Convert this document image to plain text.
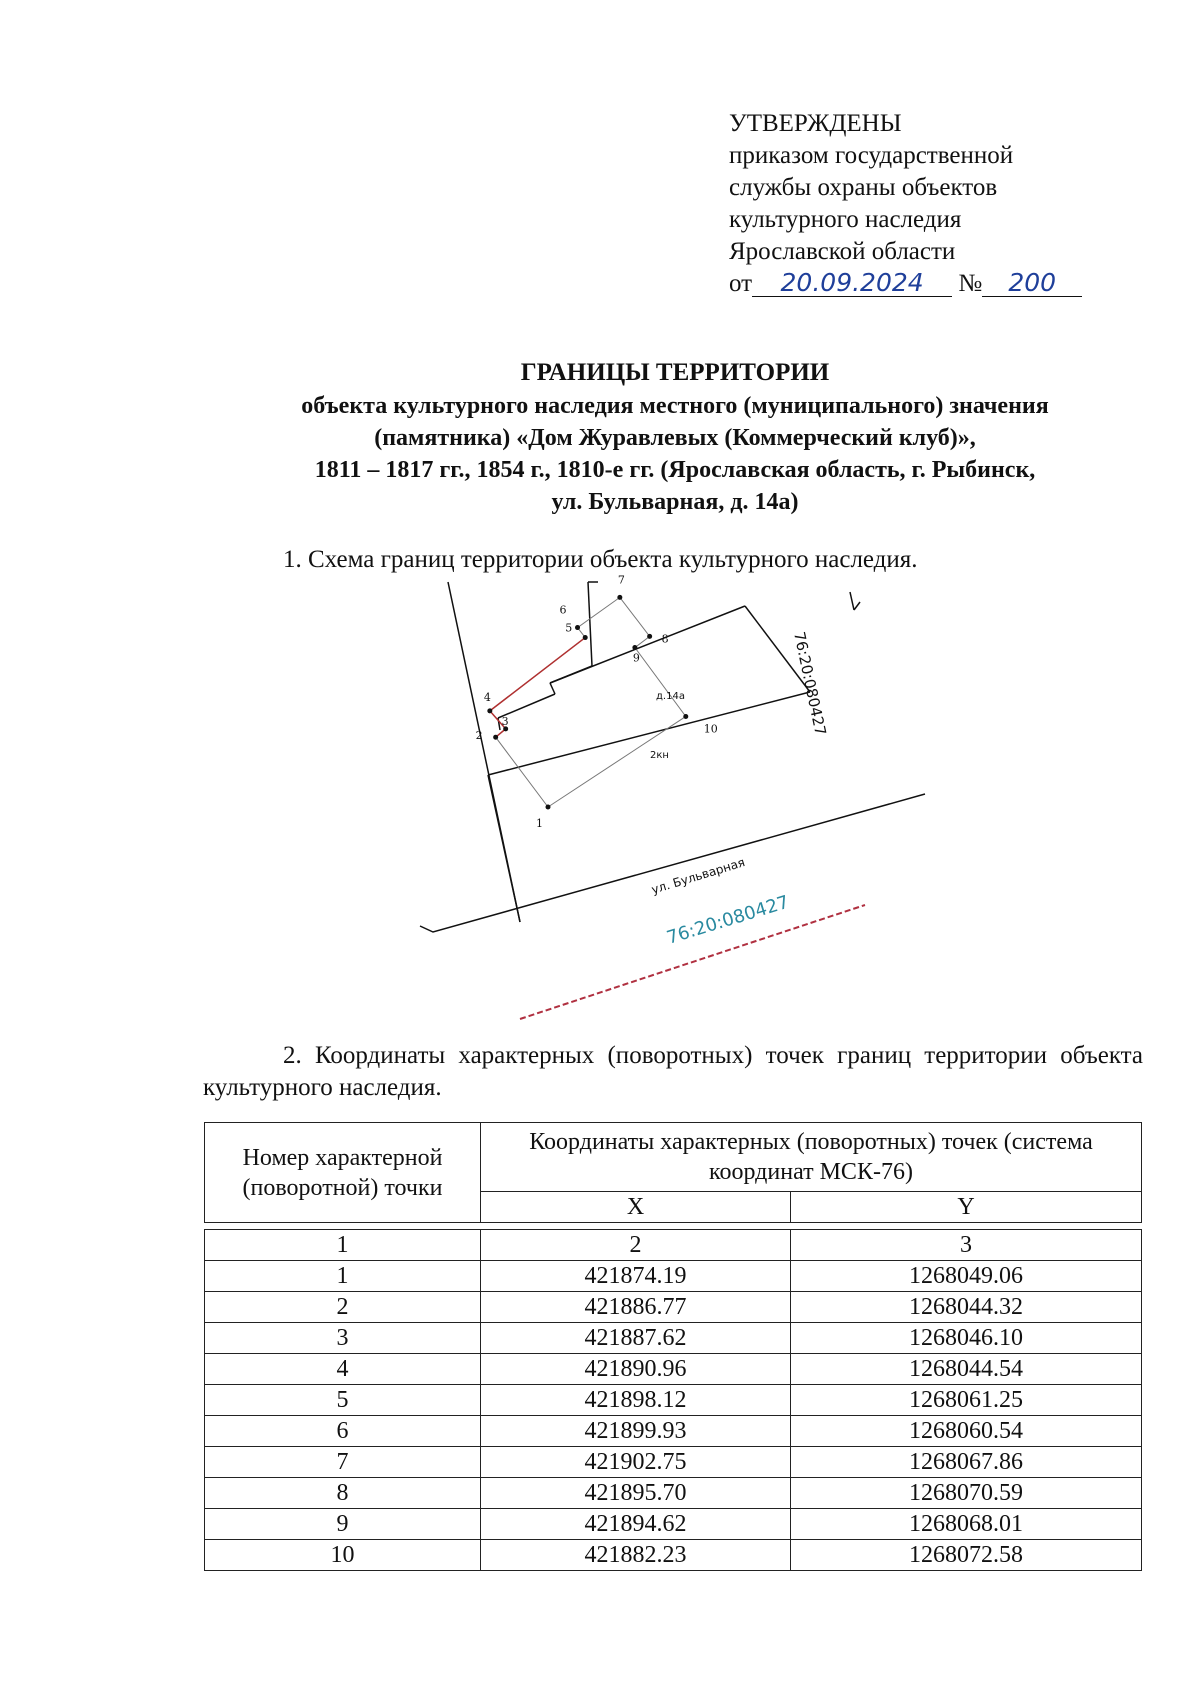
УТВЕРЖДЕНЫ
приказом государственной
службы охраны объектов
культурного наследия
Ярославской области
от 20.09.2024 № 200
ГРАНИЦЫ ТЕРРИТОРИИ
объекта культурного наследия местного (муниципального) значения
(памятника) «Дом Журавлевых (Коммерческий клуб)»,
1811 – 1817 гг., 1854 г., 1810-е гг. (Ярославская область, г. Рыбинск,
ул. Бульварная, д. 14а)
1. Схема границ территории объекта культурного наследия.
1
2
3
4
5
6
7
8
9
10
2кн
д.14а
ул. Бульварная
76:20:080427
76:20:080427
2. Координаты характерных (поворотных) точек границ территории объекта культурного наследия.
Номер характерной (поворотной) точки	Координаты характерных (поворотных) точек (система координат МСК-76)	
	X	Y

1	2	3
1	421874.19	1268049.06
2	421886.77	1268044.32
3	421887.62	1268046.10
4	421890.96	1268044.54
5	421898.12	1268061.25
6	421899.93	1268060.54
7	421902.75	1268067.86
8	421895.70	1268070.59
9	421894.62	1268068.01
10	421882.23	1268072.58
